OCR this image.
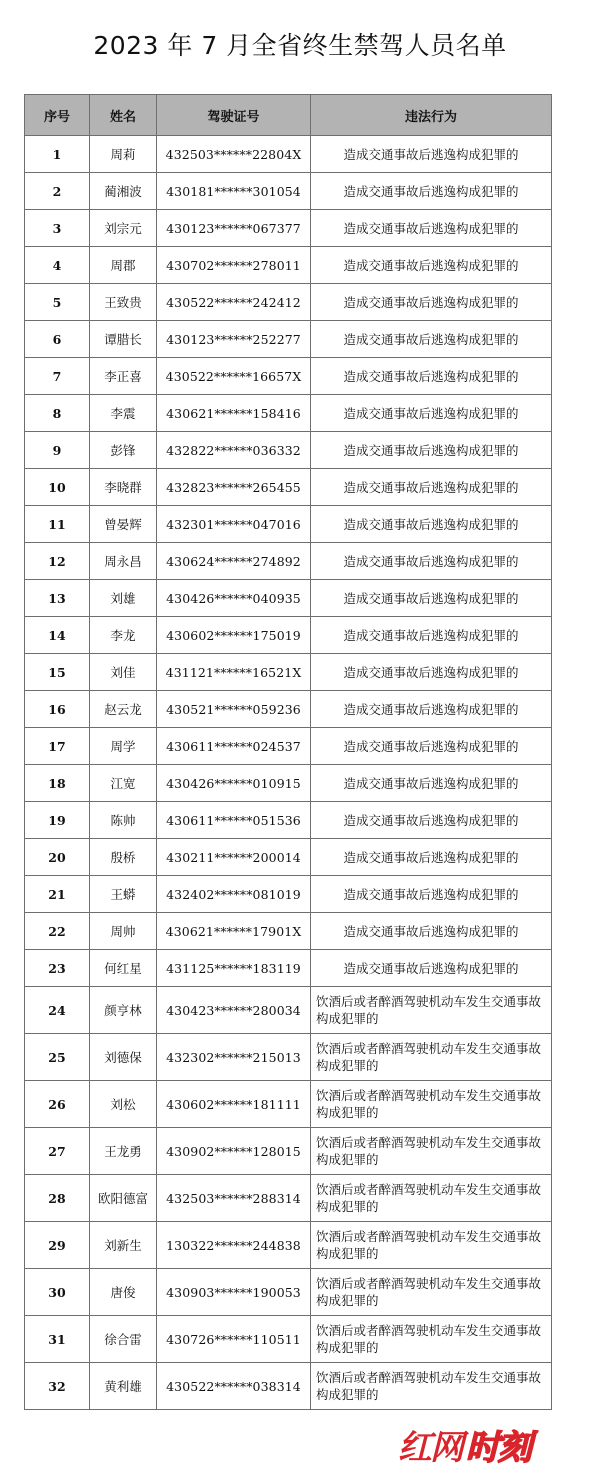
2023 年 7 月全省终生禁驾人员名单
序号	姓名	驾驶证号	违法行为
1	周莉	432503******22804X	造成交通事故后逃逸构成犯罪的
2	蔺湘波	430181******301054	造成交通事故后逃逸构成犯罪的
3	刘宗元	430123******067377	造成交通事故后逃逸构成犯罪的
4	周郡	430702******278011	造成交通事故后逃逸构成犯罪的
5	王致贵	430522******242412	造成交通事故后逃逸构成犯罪的
6	谭腊长	430123******252277	造成交通事故后逃逸构成犯罪的
7	李正喜	430522******16657X	造成交通事故后逃逸构成犯罪的
8	李震	430621******158416	造成交通事故后逃逸构成犯罪的
9	彭锋	432822******036332	造成交通事故后逃逸构成犯罪的
10	李晓群	432823******265455	造成交通事故后逃逸构成犯罪的
11	曾晏辉	432301******047016	造成交通事故后逃逸构成犯罪的
12	周永昌	430624******274892	造成交通事故后逃逸构成犯罪的
13	刘雄	430426******040935	造成交通事故后逃逸构成犯罪的
14	李龙	430602******175019	造成交通事故后逃逸构成犯罪的
15	刘佳	431121******16521X	造成交通事故后逃逸构成犯罪的
16	赵云龙	430521******059236	造成交通事故后逃逸构成犯罪的
17	周学	430611******024537	造成交通事故后逃逸构成犯罪的
18	江宽	430426******010915	造成交通事故后逃逸构成犯罪的
19	陈帅	430611******051536	造成交通事故后逃逸构成犯罪的
20	殷桥	430211******200014	造成交通事故后逃逸构成犯罪的
21	王蟒	432402******081019	造成交通事故后逃逸构成犯罪的
22	周帅	430621******17901X	造成交通事故后逃逸构成犯罪的
23	何红星	431125******183119	造成交通事故后逃逸构成犯罪的
24	颜亨林	430423******280034	饮酒后或者醉酒驾驶机动车发生交通事故构成犯罪的
25	刘德保	432302******215013	饮酒后或者醉酒驾驶机动车发生交通事故构成犯罪的
26	刘松	430602******181111	饮酒后或者醉酒驾驶机动车发生交通事故构成犯罪的
27	王龙勇	430902******128015	饮酒后或者醉酒驾驶机动车发生交通事故构成犯罪的
28	欧阳德富	432503******288314	饮酒后或者醉酒驾驶机动车发生交通事故构成犯罪的
29	刘新生	130322******244838	饮酒后或者醉酒驾驶机动车发生交通事故构成犯罪的
30	唐俊	430903******190053	饮酒后或者醉酒驾驶机动车发生交通事故构成犯罪的
31	徐合雷	430726******110511	饮酒后或者醉酒驾驶机动车发生交通事故构成犯罪的
32	黄利雄	430522******038314	饮酒后或者醉酒驾驶机动车发生交通事故构成犯罪的
红网 时刻
